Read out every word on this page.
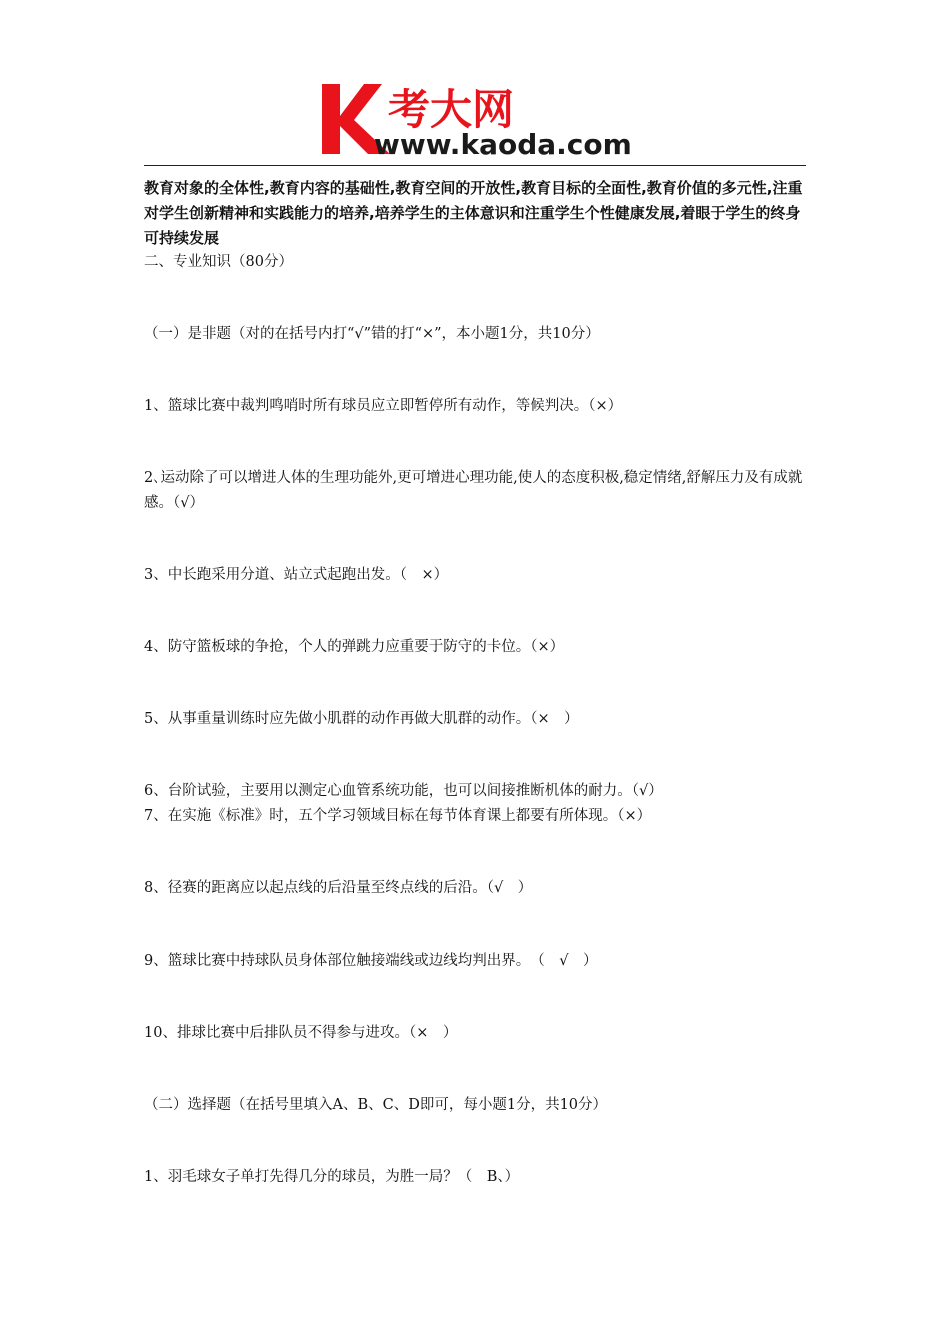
考大网
www.kaoda.com

教育对象的全体性,教育内容的基础性,教育空间的开放性,教育目标的全面性,教育价值的多元性,注重对学生创新精神和实践能力的培养,培养学生的主体意识和注重学生个性健康发展,着眼于学生的终身可持续发展

二、专业知识（80分）

（一）是非题（对的在括号内打“√”错的打“×”，本小题1分，共10分）

1、篮球比赛中裁判鸣哨时所有球员应立即暂停所有动作，等候判决。（×）

2､运动除了可以增进人体的生理功能外,更可增进心理功能,使人的态度积极,稳定情绪,舒解压力及有成就感。（√）

3、中长跑采用分道、站立式起跑出发。（　×）

4、防守篮板球的争抢，个人的弹跳力应重要于防守的卡位。（×）

5、从事重量训练时应先做小肌群的动作再做大肌群的动作。（×　）

6、台阶试验，主要用以测定心血管系统功能，也可以间接推断机体的耐力。（√）

7、在实施《标准》时，五个学习领域目标在每节体育课上都要有所体现。（×）

8、径赛的距离应以起点线的后沿量至终点线的后沿。（√　）

9、篮球比赛中持球队员身体部位触接端线或边线均判出界。　（　√　）

10、排球比赛中后排队员不得参与进攻。（×　）

（二）选择题（在括号里填入A、B、C、D即可，每小题1分，共10分）

1、羽毛球女子单打先得几分的球员，为胜一局？（　B、）
